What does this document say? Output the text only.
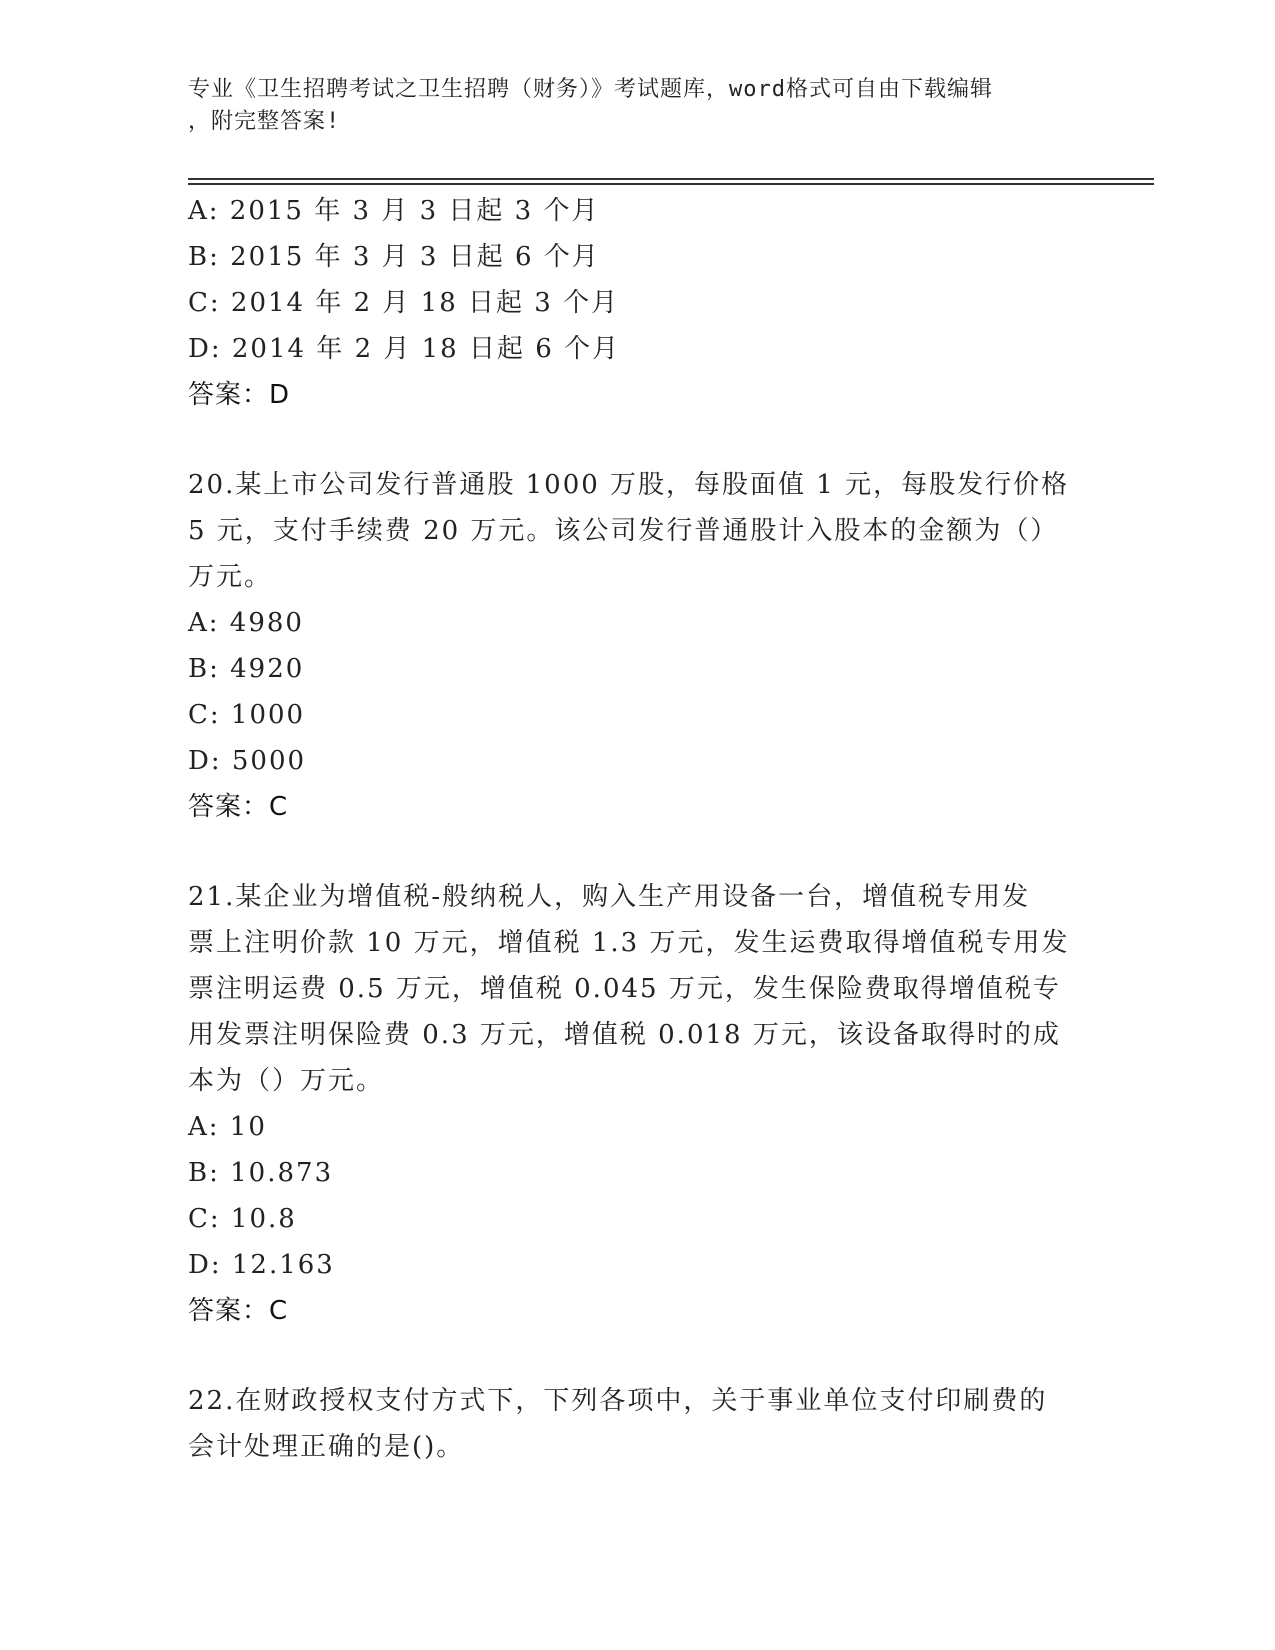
专业《卫生招聘考试之卫生招聘（财务）》考试题库，word格式可自由下载编辑
，附完整答案!
A: 2015 年 3 月 3 日起 3 个月
B: 2015 年 3 月 3 日起 6 个月
C: 2014 年 2 月 18 日起 3 个月
D: 2014 年 2 月 18 日起 6 个月
答案：D
20.某上市公司发行普通股 1000 万股，每股面值 1 元，每股发行价格
5 元，支付手续费 20 万元。该公司发行普通股计入股本的金额为（）
万元。
A: 4980
B: 4920
C: 1000
D: 5000
答案：C
21.某企业为增值税-般纳税人，购入生产用设备一台，增值税专用发
票上注明价款 10 万元，增值税 1.3 万元，发生运费取得增值税专用发
票注明运费 0.5 万元，增值税 0.045 万元，发生保险费取得增值税专
用发票注明保险费 0.3 万元，增值税 0.018 万元，该设备取得时的成
本为（）万元。
A: 10
B: 10.873
C: 10.8
D: 12.163
答案：C
22.在财政授权支付方式下，下列各项中，关于事业单位支付印刷费的
会计处理正确的是()。
